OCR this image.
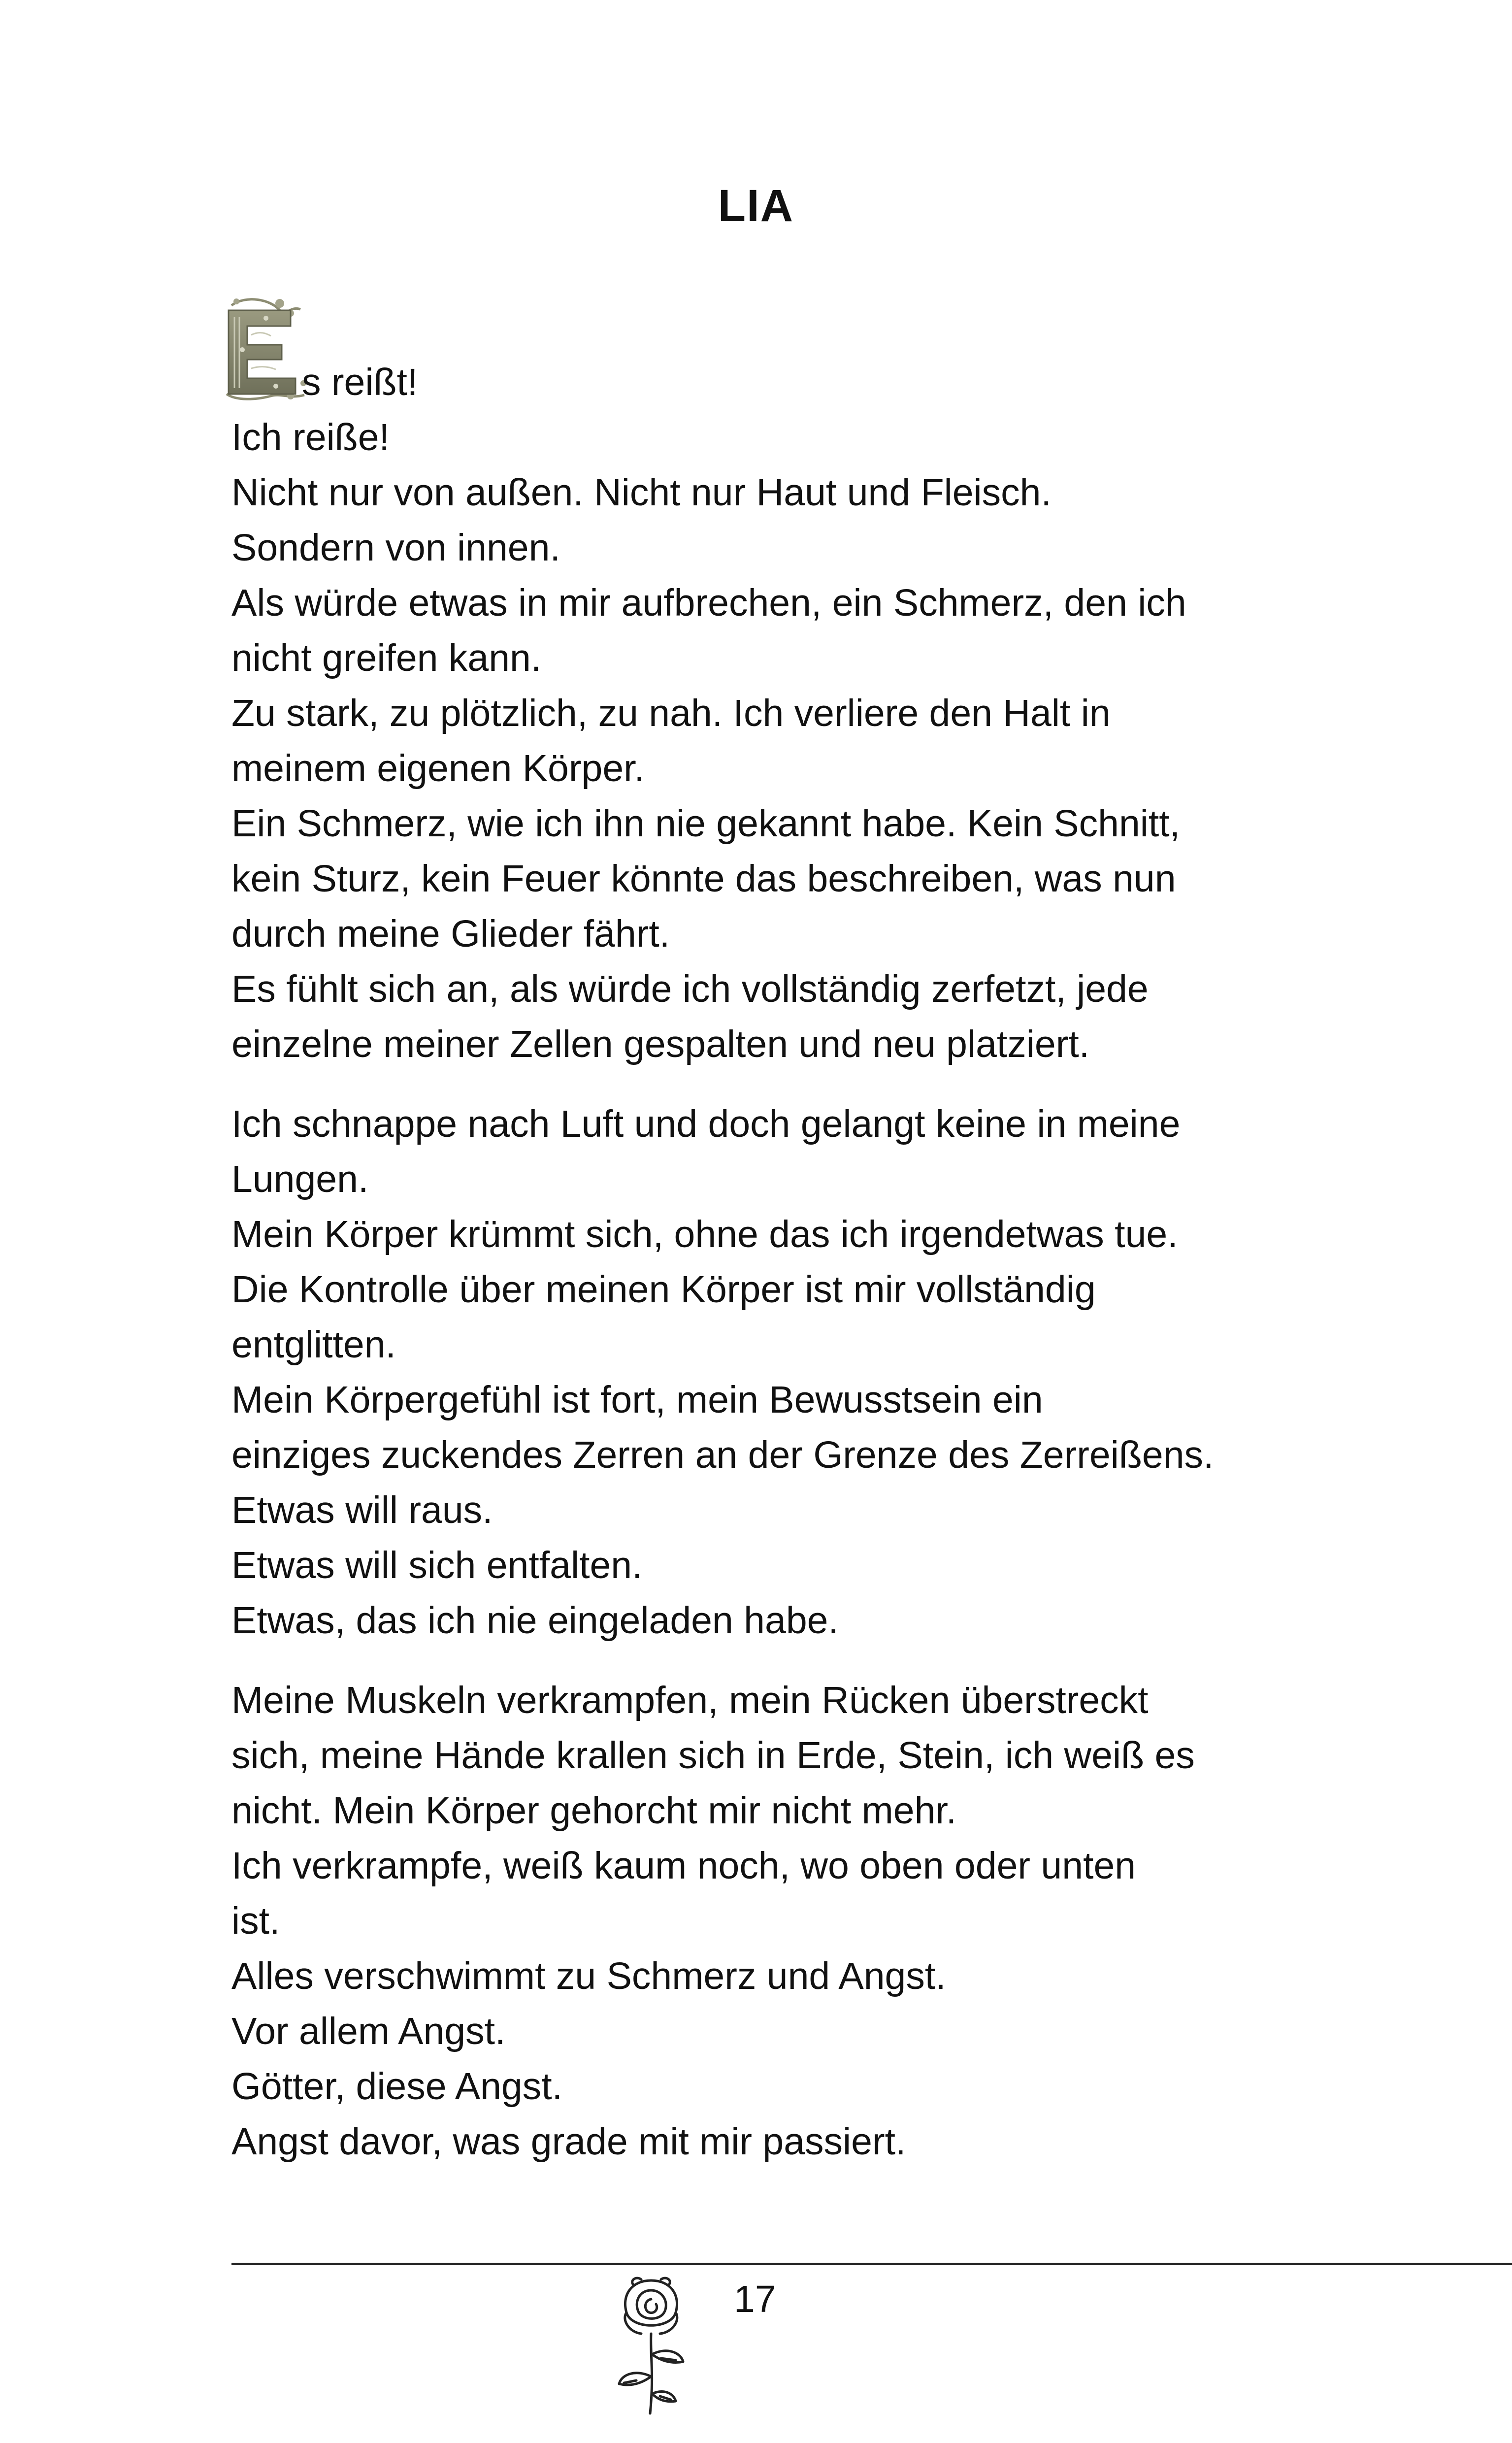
LIA

s reißt!
Ich reiße!
Nicht nur von außen. Nicht nur Haut und Fleisch.
Sondern von innen.
Als würde etwas in mir aufbrechen, ein Schmerz, den ich
nicht greifen kann.
Zu stark, zu plötzlich, zu nah. Ich verliere den Halt in
meinem eigenen Körper.
Ein Schmerz, wie ich ihn nie gekannt habe. Kein Schnitt,
kein Sturz, kein Feuer könnte das beschreiben, was nun
durch meine Glieder fährt.
Es fühlt sich an, als würde ich vollständig zerfetzt, jede
einzelne meiner Zellen gespalten und neu platziert.

Ich schnappe nach Luft und doch gelangt keine in meine
Lungen.
Mein Körper krümmt sich, ohne das ich irgendetwas tue.
Die Kontrolle über meinen Körper ist mir vollständig
entglitten.
Mein Körpergefühl ist fort, mein Bewusstsein ein
einziges zuckendes Zerren an der Grenze des Zerreißens.
Etwas will raus.
Etwas will sich entfalten.
Etwas, das ich nie eingeladen habe.

Meine Muskeln verkrampfen, mein Rücken überstreckt
sich, meine Hände krallen sich in Erde, Stein, ich weiß es
nicht. Mein Körper gehorcht mir nicht mehr.
Ich verkrampfe, weiß kaum noch, wo oben oder unten
ist.
Alles verschwimmt zu Schmerz und Angst.
Vor allem Angst.
Götter, diese Angst.
Angst davor, was grade mit mir passiert.

17
